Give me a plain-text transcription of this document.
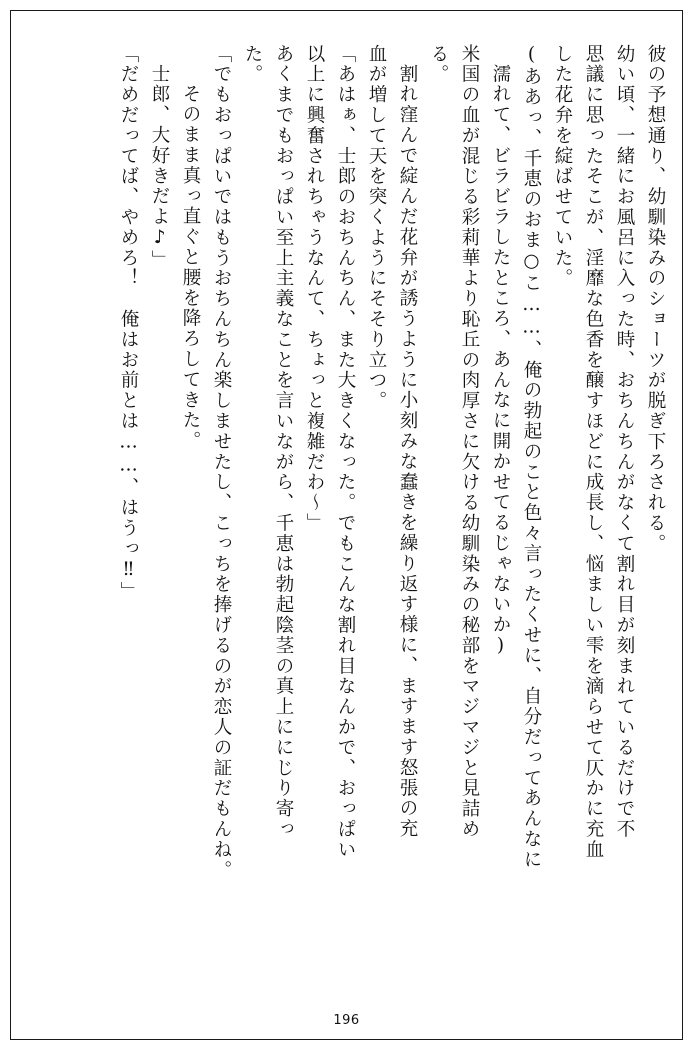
彼の予想通り、幼馴染みのショーツが脱ぎ下ろされる。
幼い頃、一緒にお風呂に入った時、おちんちんがなくて割れ目が刻まれているだけで不
思議に思ったそこが、淫靡な色香を醸すほどに成長し、悩ましい雫を滴らせて仄かに充血
した花弁を綻ばせていた。
(ああっ、千恵のおま○こ……、俺の勃起のこと色々言ったくせに、自分だってあんなに
濡れて、ビラビラしたところ、あんなに開かせてるじゃないか)
米国の血が混じる彩莉華より恥丘の肉厚さに欠ける幼馴染みの秘部をマジマジと見詰め
る。
割れ窪んで綻んだ花弁が誘うように小刻みな蠢きを繰り返す様に、ますます怒張の充
血が増して天を突くようにそそり立つ。
「あはぁ、士郎のおちんちん、また大きくなった。でもこんな割れ目なんかで、おっぱい
以上に興奮されちゃうなんて、ちょっと複雑だわ〜」
あくまでもおっぱい至上主義なことを言いながら、千恵は勃起陰茎の真上ににじり寄っ
た。
「でもおっぱいではもうおちんちん楽しませたし、こっちを捧げるのが恋人の証だもんね。
そのまま真っ直ぐと腰を降ろしてきた。
士郎、大好きだよ♪」
「だめだってば、やめろ！　俺はお前とは……、はうっ‼」
196
